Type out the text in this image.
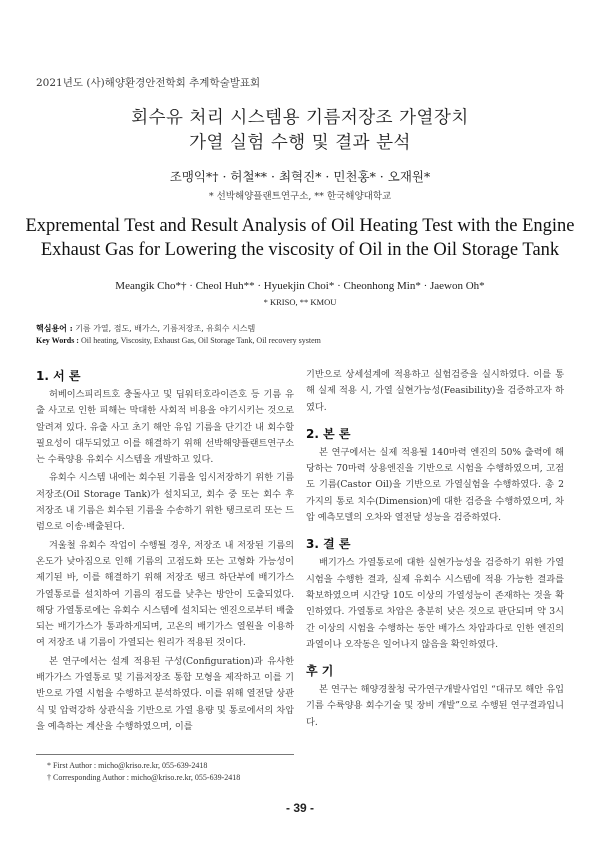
2021년도 (사)해양환경안전학회 추계학술발표회
회수유 처리 시스템용 기름저장조 가열장치
가열 실험 수행 및 결과 분석
조맹익*† · 허철** · 최혁진* · 민천홍* · 오재원*
* 선박해양플랜트연구소, ** 한국해양대학교
Expremental Test and Result Analysis of Oil Heating Test with the Engine
Exhaust Gas for Lowering the viscosity of Oil in the Oil Storage Tank
Meangik Cho*† · Cheol Huh** · Hyuekjin Choi* · Cheonhong Min* · Jaewon Oh*
* KRISO, ** KMOU
핵심용어 : 기름 가열, 점도, 배가스, 기름저장조, 유회수 시스템
Key Words : Oil heating, Viscosity, Exhaust Gas, Oil Storage Tank, Oil recovery system
1. 서 론

허베이스피리트호 충돌사고 및 딥워터호라이즌호 등 기름 유출 사고로 인한 피해는 막대한 사회적 비용을 야기시키는 것으로 알려져 있다. 유출 사고 초기 해안 유입 기름을 단기간 내 회수할 필요성이 대두되었고 이를 해결하기 위해 선박해양플랜트연구소는 수륙양용 유회수 시스템을 개발하고 있다.

유회수 시스템 내에는 회수된 기름을 임시저장하기 위한 기름 저장조(Oil Storage Tank)가 설치되고, 회수 중 또는 회수 후 저장조 내 기름은 회수된 기름을 수송하기 위한 탱크로리 또는 드럼으로 이송·배출된다.

겨울철 유회수 작업이 수행될 경우, 저장조 내 저장된 기름의 온도가 낮아짐으로 인해 기름의 고점도화 또는 고형화 가능성이 제기된 바, 이를 해결하기 위해 저장조 탱크 하단부에 배기가스 가열통로를 설치하여 기름의 점도를 낮추는 방안이 도출되었다. 해당 가열통로에는 유회수 시스템에 설치되는 엔진으로부터 배출되는 배기가스가 통과하게되며, 고온의 배기가스 열원을 이용하여 저장조 내 기름이 가열되는 원리가 적용된 것이다.

본 연구에서는 설계 적용된 구성(Configuration)과 유사한 배가가스 가열통로 및 기름저장조 통합 모형을 제작하고 이를 기반으로 가열 시험을 수행하고 분석하였다. 이를 위해 열전달 상관식 및 압력강하 상관식을 기반으로 가열 용량 및 통로에서의 차압을 예측하는 계산을 수행하였으며, 이를

기반으로 상세설계에 적용하고 실험검증을 실시하였다. 이를 통해 실제 적용 시, 가열 실현가능성(Feasibility)을 검증하고자 하였다.

2. 본 론

본 연구에서는 실제 적용될 140마력 엔진의 50% 출력에 해당하는 70마력 상용엔진을 기반으로 시험을 수행하였으며, 고점도 기름(Castor Oil)을 기반으로 가열실험을 수행하였다. 총 2가지의 통로 치수(Dimension)에 대한 검증을 수행하였으며, 차압 예측모델의 오차와 열전달 성능을 검증하였다.

3. 결 론

배기가스 가열통로에 대한 실현가능성을 검증하기 위한 가열시험을 수행한 결과, 실제 유회수 시스템에 적용 가능한 결과를 확보하였으며 시간당 10도 이상의 가열성능이 존재하는 것을 확인하였다. 가열통로 차압은 충분히 낮은 것으로 판단되며 약 3시간 이상의 시험을 수행하는 동안 배가스 차압과다로 인한 엔진의 과열이나 오작동은 일어나지 않음을 확인하였다.

후 기

본 연구는 해양경찰청 국가연구개발사업인 “대규모 해안 유입기름 수륙양용 회수기술 및 장비 개발”으로 수행된 연구결과입니다.

* First Author : micho@kriso.re.kr, 055-639-2418
† Corresponding Author : micho@kriso.re.kr, 055-639-2418
- 39 -
